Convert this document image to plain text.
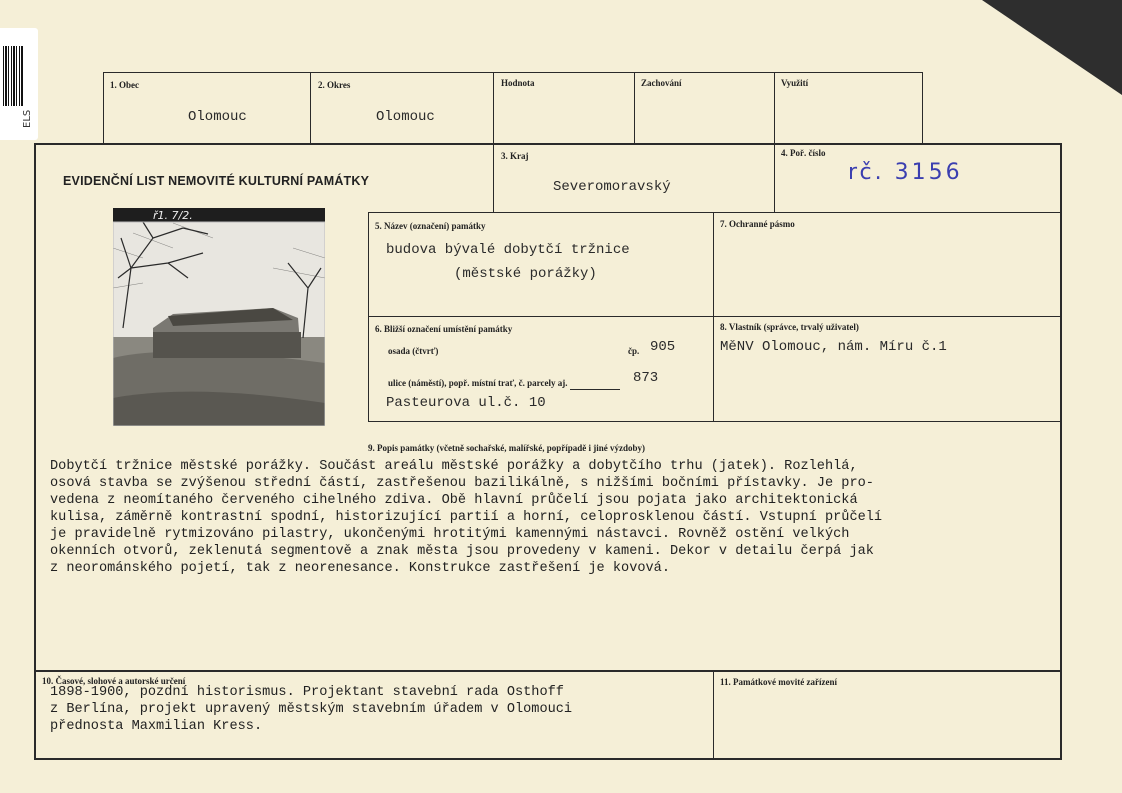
ELS
1. Obec
Olomouc
2. Okres
Olomouc
Hodnota	Zachování	Využití
EVIDENČNÍ LIST NEMOVITÉ KULTURNÍ PAMÁTKY
3. Kraj
Severomoravský
4. Poř. číslo
rč. 3156
ř1. 7/2.
5. Název (označení) památky
budova bývalé dobytčí tržnice
(městské porážky)
7. Ochranné pásmo
6. Bližší označení umístění památky
osada (čtvrť)	čp. 905
ulice (náměstí), popř. místní trať, č. parcely aj.	873
Pasteurova ul.č. 10
8. Vlastník (správce, trvalý uživatel)
MěNV Olomouc, nám. Míru č.1
9. Popis památky (včetně sochařské, malířské, popřípadě i jiné výzdoby)
Dobytčí tržnice městské porážky. Součást areálu městské porážky a dobytčího trhu (jatek). Rozlehlá,
osová stavba se zvýšenou střední částí, zastřešenou bazilikálně, s nižšími bočními přístavky. Je pro-
vedena z neomítaného červeného cihelného zdiva. Obě hlavní průčelí jsou pojata jako architektonická
kulisa, záměrně kontrastní spodní, historizující partií a horní, celoprosklenou částí. Vstupní průčelí
je pravidelně rytmizováno pilastry, ukončenými hrotitými kamennými nástavci. Rovněž ostění velkých
okenních otvorů, zeklenutá segmentově a znak města jsou provedeny v kameni. Dekor v detailu čerpá jak
z neorománského pojetí, tak z neorenesance. Konstrukce zastřešení je kovová.
10. Časové, slohové a autorské určení
1898-1900, pozdní historismus. Projektant stavební rada Osthoff
z Berlína, projekt upravený městským stavebním úřadem v Olomouci
přednosta Maxmilian Kress.
11. Památkové movité zařízení
